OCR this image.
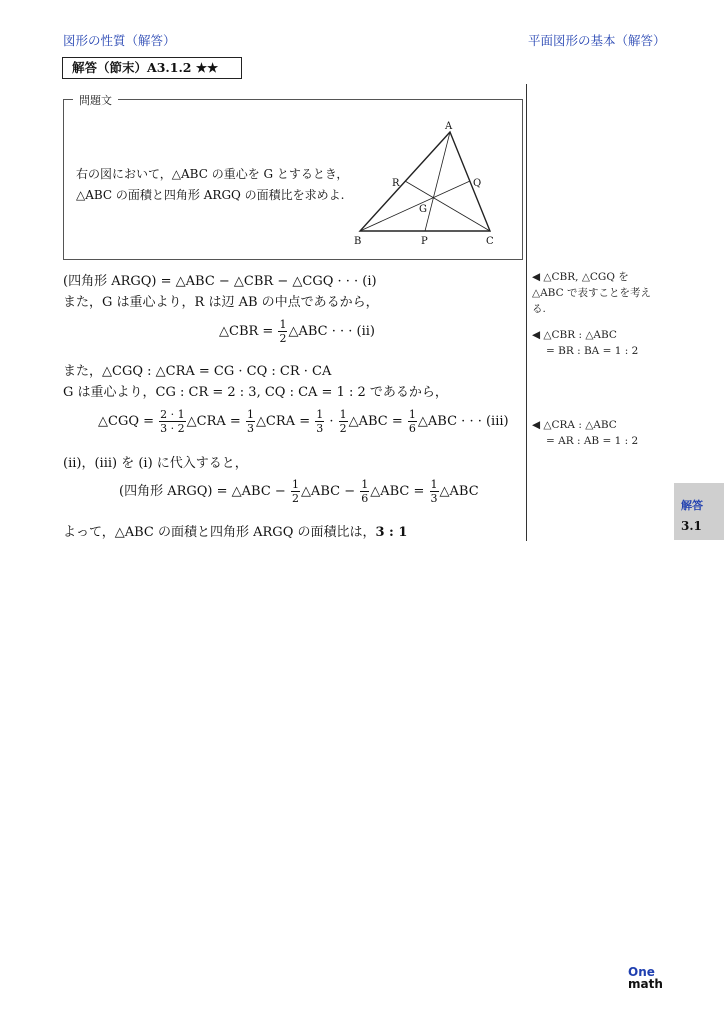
図形の性質（解答）	平面図形の基本（解答）
解答（節末）A3.1.2 ★★
問題文
右の図において，△ABC の重心を G とするとき，
△ABC の面積と四角形 ARGQ の面積比を求めよ.
A
B	C
P
Q
R
G
(四角形 ARGQ) = △ABC − △CBR − △CGQ · · · (i)
また，G は重心より，R は辺 AB の中点であるから，
△CBR = $\frac{1}{2}$ △ABC · · · (ii)
また，△CGQ : △CRA = CG · CQ : CR · CA
G は重心より，CG : CR = 2 : 3, CQ : CA = 1 : 2 であるから，
△CGQ = $\frac{2 \cdot 1}{3 \cdot 2}$ △CRA = $\frac{1}{3}$ △CRA = $\frac{1}{3} \cdot \frac{1}{2}$ △ABC = $\frac{1}{6}$ △ABC · · · (iii)
(ii)，(iii) を (i) に代入すると，
(四角形 ARGQ) = △ABC − $\frac{1}{2}$ △ABC − $\frac{1}{6}$ △ABC = $\frac{1}{3}$ △ABC
よって，△ABC の面積と四角形 ARGQ の面積比は，3 : 1
◀ △CBR, △CGQ を
△ABC で表すことを考え
る.
◀ △CBR : △ABC
= BR : BA = 1 : 2
◀ △CRA : △ABC
= AR : AB = 1 : 2
解答
3.1
One
math
